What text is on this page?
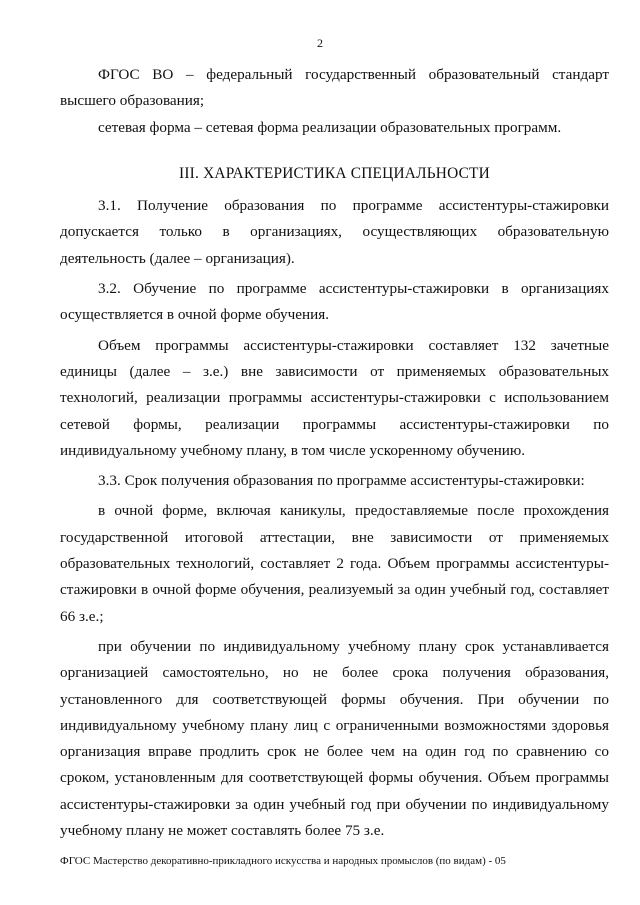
2

ФГОС ВО – федеральный государственный образовательный стандарт высшего образования;

сетевая форма – сетевая форма реализации образовательных программ.

III. ХАРАКТЕРИСТИКА СПЕЦИАЛЬНОСТИ

3.1. Получение образования по программе ассистентуры-стажировки допускается только в организациях, осуществляющих образовательную деятельность (далее – организация).

3.2. Обучение по программе ассистентуры-стажировки в организациях осуществляется в очной форме обучения.

Объем программы ассистентуры-стажировки составляет 132 зачетные единицы (далее – з.е.) вне зависимости от применяемых образовательных технологий, реализации программы ассистентуры-стажировки с использованием сетевой формы, реализации программы ассистентуры-стажировки по индивидуальному учебному плану, в том числе ускоренному обучению.

3.3. Срок получения образования по программе ассистентуры-стажировки:

в очной форме, включая каникулы, предоставляемые после прохождения государственной итоговой аттестации, вне зависимости от применяемых образовательных технологий, составляет 2 года. Объем программы ассистентуры-стажировки в очной форме обучения, реализуемый за один учебный год, составляет 66 з.е.;

при обучении по индивидуальному учебному плану срок устанавливается организацией самостоятельно, но не более срока получения образования, установленного для соответствующей формы обучения. При обучении по индивидуальному учебному плану лиц с ограниченными возможностями здоровья организация вправе продлить срок не более чем на один год по сравнению со сроком, установленным для соответствующей формы обучения. Объем программы ассистентуры-стажировки за один учебный год при обучении по индивидуальному учебному плану не может составлять более 75 з.е.

ФГОС Мастерство декоративно-прикладного искусства и народных промыслов (по видам) - 05
